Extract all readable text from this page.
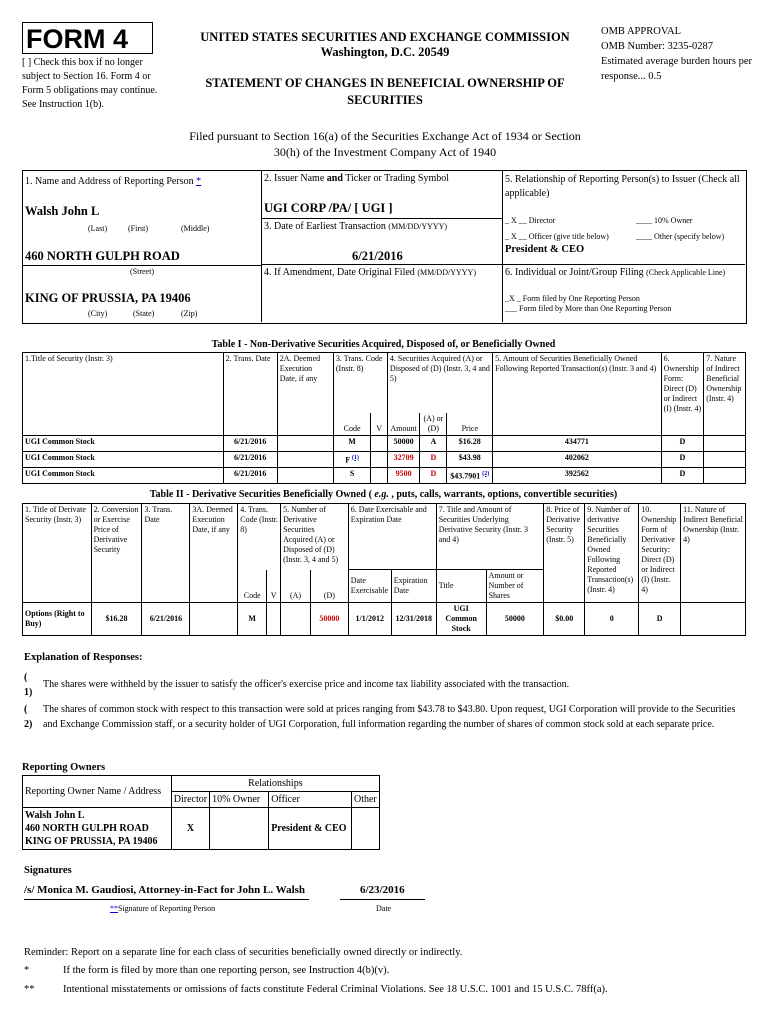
FORM 4
[ ] Check this box if no longer subject to Section 16. Form 4 or Form 5 obligations may continue. See Instruction 1(b).
UNITED STATES SECURITIES AND EXCHANGE COMMISSION
Washington, D.C. 20549
STATEMENT OF CHANGES IN BENEFICIAL OWNERSHIP OF SECURITIES
OMB APPROVAL
OMB Number: 3235-0287
Estimated average burden hours per response... 0.5
Filed pursuant to Section 16(a) of the Securities Exchange Act of 1934 or Section 30(h) of the Investment Company Act of 1940
1. Name and Address of Reporting Person *
Walsh John L
(Last)	(First)	(Middle)
460 NORTH GULPH ROAD
(Street)
KING OF PRUSSIA, PA 19406
(City)	(State)	(Zip)
2. Issuer Name and Ticker or Trading Symbol
UGI CORP /PA/ [ UGI ]
3. Date of Earliest Transaction (MM/DD/YYYY)
6/21/2016
4. If Amendment, Date Original Filed (MM/DD/YYYY)
5. Relationship of Reporting Person(s) to Issuer (Check all applicable)
_ X __ Director	____ 10% Owner
_ X __ Officer (give title below)	____ Other (specify below)
President & CEO
6. Individual or Joint/Group Filing (Check Applicable Line)
_X _ Form filed by One Reporting Person
___ Form filed by More than One Reporting Person
Table I - Non-Derivative Securities Acquired, Disposed of, or Beneficially Owned
1.Title of Security (Instr. 3)	2. Trans. Date	2A. Deemed Execution Date, if any	3. Trans. Code (Instr. 8)		4. Securities Acquired (A) or Disposed of (D) (Instr. 3, 4 and 5)			5. Amount of Securities Beneficially Owned Following Reported Transaction(s) (Instr. 3 and 4)	6. Ownership Form: Direct (D) or Indirect (I) (Instr. 4)	7. Nature of Indirect Beneficial Ownership (Instr. 4)
			Code	V	Amount	(A) or (D)	Price			
UGI Common Stock	6/21/2016		M		50000	A	$16.28	434771	D	
UGI Common Stock	6/21/2016		F $^{(1)}$		32709	D	$43.98	402062	D	
UGI Common Stock	6/21/2016		S		9500	D	$43.7901 $^{(2)}$	392562	D	
Table II - Derivative Securities Beneficially Owned ( e.g. , puts, calls, warrants, options, convertible securities)
1. Title of Derivate Security (Instr. 3)	2. Conversion or Exercise Price of Derivative Security	3. Trans. Date	3A. Deemed Execution Date, if any	4. Trans. Code (Instr. 8)		5. Number of Derivative Securities Acquired (A) or Disposed of (D) (Instr. 3, 4 and 5)		6. Date Exercisable and Expiration Date		7. Title and Amount of Securities Underlying Derivative Security (Instr. 3 and 4)		8. Price of Derivative Security (Instr. 5)	9. Number of derivative Securities Beneficially Owned Following Reported Transaction(s) (Instr. 4)	10. Ownership Form of Derivative Security: Direct (D) or Indirect (I) (Instr. 4)	11. Nature of Indirect Beneficial Ownership (Instr. 4)
				Code	V	(A)	(D)	Date Exercisable	Expiration Date	Title	Amount or Number of Shares				
Options (Right to Buy)	$16.28	6/21/2016		M			50000	1/1/2012	12/31/2018	UGI Common Stock	50000	$0.00	0	D	
Explanation of Responses:
( 1)
The shares were withheld by the issuer to satisfy the officer's exercise price and income tax liability associated with the transaction.
( 2)
The shares of common stock with respect to this transaction were sold at prices ranging from $43.78 to $43.80. Upon request, UGI Corporation will provide to the Securities and Exchange Commission staff, or a security holder of UGI Corporation, full information regarding the number of shares of common stock sold at each separate price.
Reporting Owners
Reporting Owner Name / Address	Relationships			
	Director	10% Owner	Officer	Other

Walsh John L
460 NORTH GULPH ROAD
KING OF PRUSSIA, PA 19406	X		President & CEO	
Signatures
/s/ Monica M. Gaudiosi, Attorney-in-Fact for John L. Walsh	6/23/2016
**Signature of Reporting Person	Date
Reminder: Report on a separate line for each class of securities beneficially owned directly or indirectly.
*	If the form is filed by more than one reporting person, see Instruction 4(b)(v).
**	Intentional misstatements or omissions of facts constitute Federal Criminal Violations. See 18 U.S.C. 1001 and 15 U.S.C. 78ff(a).
